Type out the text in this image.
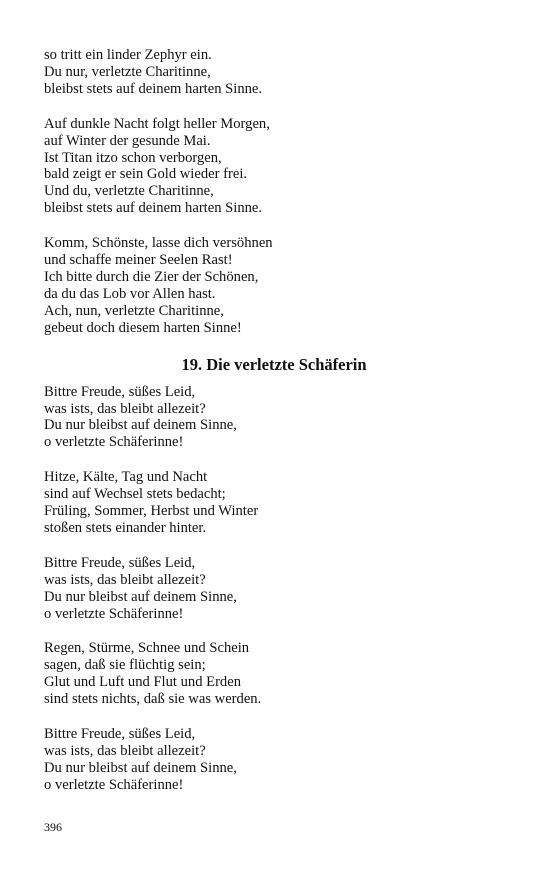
so tritt ein linder Zephyr ein.
Du nur, verletzte Charitinne,
bleibst stets auf deinem harten Sinne.
Auf dunkle Nacht folgt heller Morgen,
auf Winter der gesunde Mai.
Ist Titan itzo schon verborgen,
bald zeigt er sein Gold wieder frei.
Und du, verletzte Charitinne,
bleibst stets auf deinem harten Sinne.
Komm, Schönste, lasse dich versöhnen
und schaffe meiner Seelen Rast!
Ich bitte durch die Zier der Schönen,
da du das Lob vor Allen hast.
Ach, nun, verletzte Charitinne,
gebeut doch diesem harten Sinne!
19. Die verletzte Schäferin
Bittre Freude, süßes Leid,
was ists, das bleibt allezeit?
Du nur bleibst auf deinem Sinne,
o verletzte Schäferinne!
Hitze, Kälte, Tag und Nacht
sind auf Wechsel stets bedacht;
Früling, Sommer, Herbst und Winter
stoßen stets einander hinter.
Bittre Freude, süßes Leid,
was ists, das bleibt allezeit?
Du nur bleibst auf deinem Sinne,
o verletzte Schäferinne!
Regen, Stürme, Schnee und Schein
sagen, daß sie flüchtig sein;
Glut und Luft und Flut und Erden
sind stets nichts, daß sie was werden.
Bittre Freude, süßes Leid,
was ists, das bleibt allezeit?
Du nur bleibst auf deinem Sinne,
o verletzte Schäferinne!
396
